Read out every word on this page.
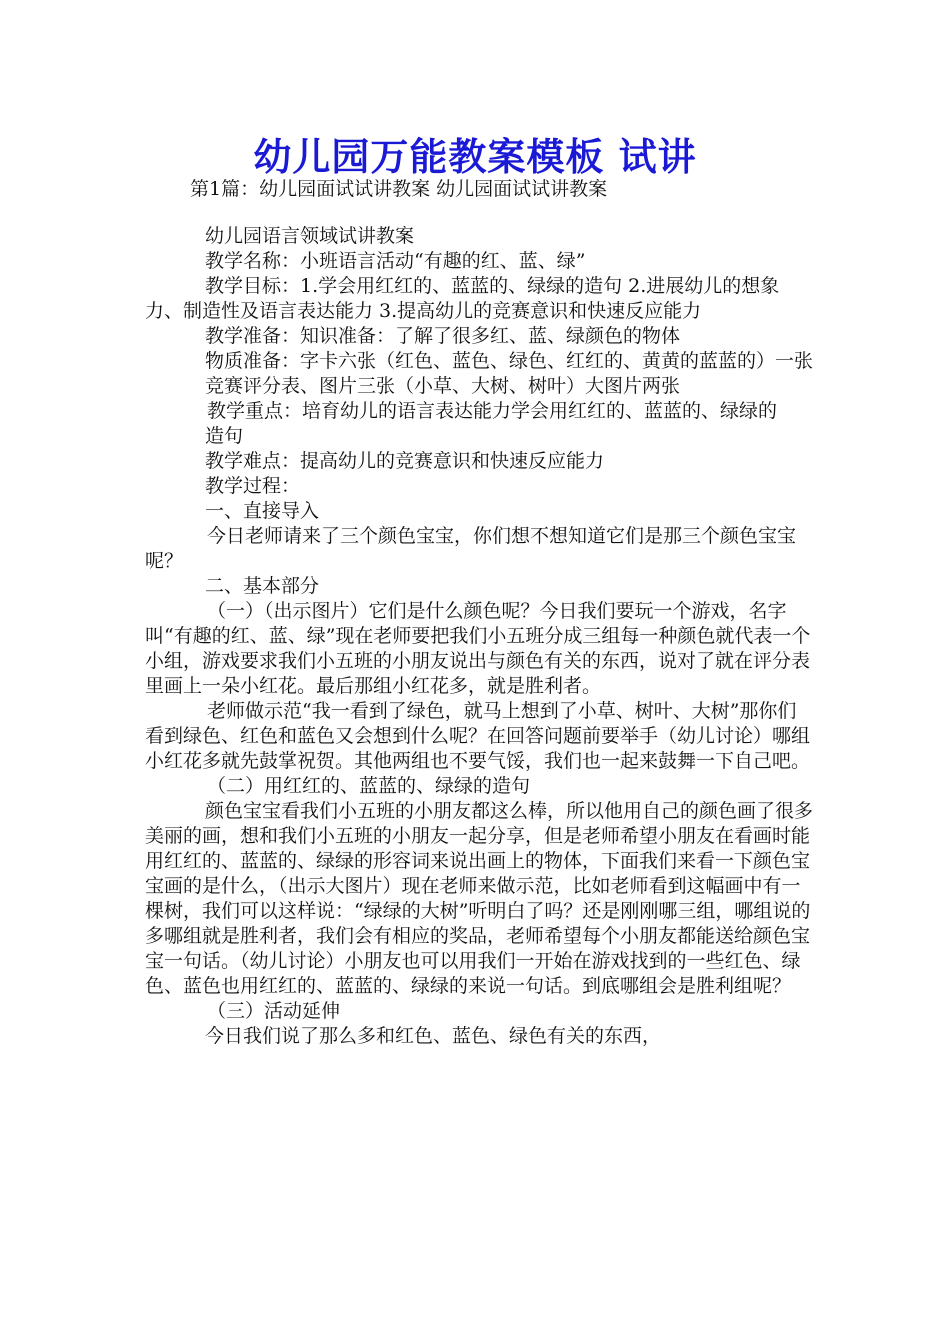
幼儿园万能教案模板 试讲
第1篇：幼儿园面试试讲教案 幼儿园面试试讲教案

幼儿园语言领域试讲教案

教学名称：小班语言活动“有趣的红、蓝、绿”

教学目标：1.学会用红红的、蓝蓝的、绿绿的造句 2.进展幼儿的想象力、制造性及语言表达能力 3.提高幼儿的竞赛意识和快速反应能力

教学准备：知识准备：了解了很多红、蓝、绿颜色的物体

物质准备：字卡六张（红色、蓝色、绿色、红红的、黄黄的蓝蓝的）一张竞赛评分表、图片三张（小草、大树、树叶）大图片两张

教学重点：培育幼儿的语言表达能力学会用红红的、蓝蓝的、绿绿的

造句

教学难点：提高幼儿的竞赛意识和快速反应能力

教学过程：

一、直接导入

今日老师请来了三个颜色宝宝，你们想不想知道它们是那三个颜色宝宝呢？

二、基本部分

（一）（出示图片）它们是什么颜色呢？今日我们要玩一个游戏，名字叫“有趣的红、蓝、绿”现在老师要把我们小五班分成三组每一种颜色就代表一个小组，游戏要求我们小五班的小朋友说出与颜色有关的东西，说对了就在评分表里画上一朵小红花。最后那组小红花多，就是胜利者。

老师做示范“我一看到了绿色，就马上想到了小草、树叶、大树”那你们看到绿色、红色和蓝色又会想到什么呢？在回答问题前要举手（幼儿讨论）哪组小红花多就先鼓掌祝贺。其他两组也不要气馁，我们也一起来鼓舞一下自己吧。

（二）用红红的、蓝蓝的、绿绿的造句

颜色宝宝看我们小五班的小朋友都这么棒，所以他用自己的颜色画了很多美丽的画，想和我们小五班的小朋友一起分享，但是老师希望小朋友在看画时能用红红的、蓝蓝的、绿绿的形容词来说出画上的物体，下面我们来看一下颜色宝宝画的是什么，（出示大图片）现在老师来做示范，比如老师看到这幅画中有一棵树，我们可以这样说：“绿绿的大树”听明白了吗？还是刚刚哪三组，哪组说的多哪组就是胜利者，我们会有相应的奖品，老师希望每个小朋友都能送给颜色宝宝一句话。（幼儿讨论）小朋友也可以用我们一开始在游戏找到的一些红色、绿色、蓝色也用红红的、蓝蓝的、绿绿的来说一句话。到底哪组会是胜利组呢？

（三）活动延伸

今日我们说了那么多和红色、蓝色、绿色有关的东西，
